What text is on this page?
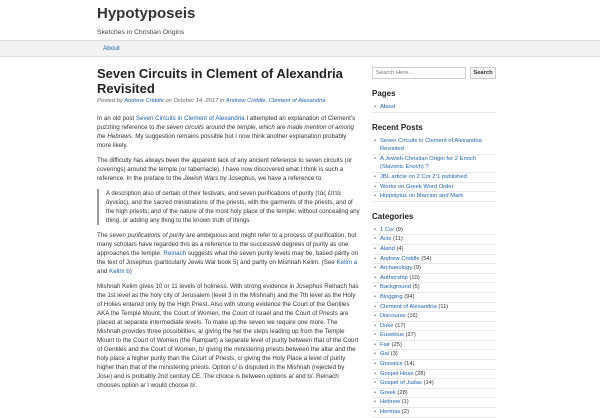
Hypotyposeis
Sketches in Christian Origins
About
Seven Circuits in Clement of Alexandria Revisited
Posted by Andrew Criddle on October 14, 2017 in Andrew Criddle, Clement of Alexandria

In an old post Seven Circuits in Clement of Alexandria I attempted an explanation of Clement's puzzling reference to the seven circuits around the temple, which are made mention of among the Hebrews. My suggestion remains possible but I now think another explanation probably more likely.

The difficulty has always been the apparent lack of any ancient reference to seven circuits (or coverings) around the temple (or tabernacle). I have now discovered what I think is such a reference. In the preface to the Jewish Wars by Josephus, we have a reference to:

A description also of certain of their festivals, and seven purifications of purity (τὰς ἑπτὰ ἁγνείας), and the sacred ministrations of the priests, with the garments of the priests, and of the high priests; and of the nature of the most holy place of the temple; without concealing any thing, or adding any thing to the known truth of things.

The seven purifications of purity are ambiguous and might refer to a process of purification, but many scholars have regarded this as a reference to the successive degrees of purity as one approaches the temple. Reinach suggests what the seven purity levels may be, based partly on the text of Josephus (particularly Jewis War book 5) and partly on Mishnah Kelim. (See Kelim a and Kelim b)

Mishnah Kelim gives 10 or 11 levels of holiness. With strong evidence in Josephus Reinach has the 1st level as the holy city of Jerusalem (level 3 in the Mishnah) and the 7th level as the Holy of Holies entered only by the High Priest. Also with strong evidence the Court of the Gentiles AKA the Temple Mount, the Court of Women, the Court of Israel and the Court of Priests are placed at separate intermediate levels. To make up the seven we require one more. The Mishnah provides three possibilities, a/ giving the hel the steps leading up from the Temple Mount to the Court of Women (the Rampart) a separate level of purity between that of the Court of Gentiles and the Court of Women, b/ giving the ministering priests between the altar and the holy place a higher purity than the Court of Priests, c/ giving the Holy Place a level of purity higher than that of the ministering priests. Option c/ is disputed in the Mishnah (rejected by Jose) and is probably 2nd century CE. The choice is between options a/ and b/. Reinach chooses option a/ I would choose b/.

Search Here...
Search
Pages
• About
Recent Posts
• Seven Circuits in Clement of Alexandria Revisited
• A Jewish-Christian Origin for 2 Enoch (Slavonic Enoch) ?
• JBL article on 2 Cor 2:1 published
• Works on Greek Word Order
• Hippolytus on Marcion and Mark
Categories
• 1 Cor (9)
• Acts (11)
• Aland (4)
• Andrew Criddle (54)
• Archaeology (9)
• Authorship (10)
• Background (5)
• Blogging (94)
• Clement of Alexandria (11)
• Discourse (16)
• Duke (17)
• Eusebius (27)
• Fair (25)
• Gal (3)
• Gnostics (14)
• Gospel Hoax (28)
• Gospel of Judas (14)
• Greek (28)
• Hebrew (1)
• Hermas (2)
